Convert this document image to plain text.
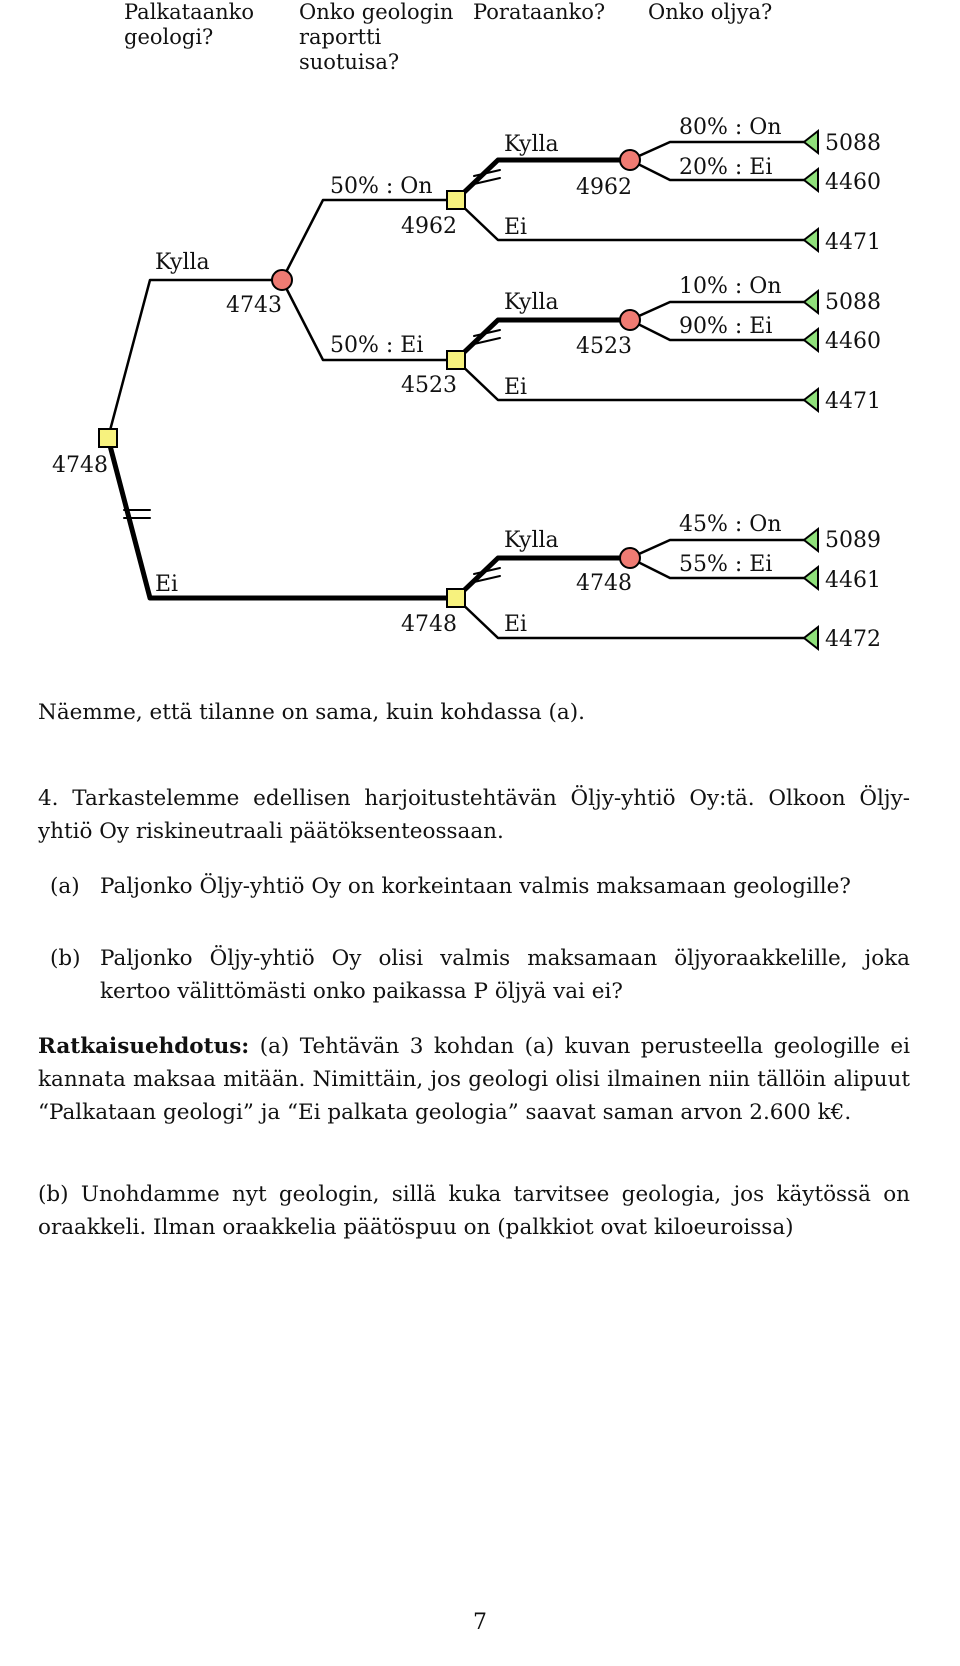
Palkataanko
geologi?
Onko geologin
raportti
suotuisa?
Porataanko? Onko oljya?
4748
Kylla
4743
50% : On
4962
50% : Ei
4523
Kylla
Ei
Kylla
Ei
4962
80% : On
20% : Ei
4523
10% : On
90% : Ei
Ei
4748
Kylla
Ei
4748
45% : On
55% : Ei
5088
4460
4471
5088
4460
4471
5089
4461
4472
Näemme, että tilanne on sama, kuin kohdassa (a).
4. Tarkastelemme edellisen harjoitustehtävän Öljy-yhtiö Oy:tä. Olkoon Öljy-yhtiö Oy riskineutraali päätöksenteossaan.
(a) Paljonko Öljy-yhtiö Oy on korkeintaan valmis maksamaan geologille?
(b) Paljonko Öljy-yhtiö Oy olisi valmis maksamaan öljyoraakkelille, joka kertoo välittömästi onko paikassa P öljyä vai ei?
Ratkaisuehdotus: (a) Tehtävän 3 kohdan (a) kuvan perusteella geologille ei kannata maksaa mitään. Nimittäin, jos geologi olisi ilmainen niin tällöin alipuut “Palkataan geologi” ja “Ei palkata geologia” saavat saman arvon 2.600 k€.
(b) Unohdamme nyt geologin, sillä kuka tarvitsee geologia, jos käytössä on oraakkeli. Ilman oraakkelia päätöspuu on (palkkiot ovat kiloeuroissa)
7
